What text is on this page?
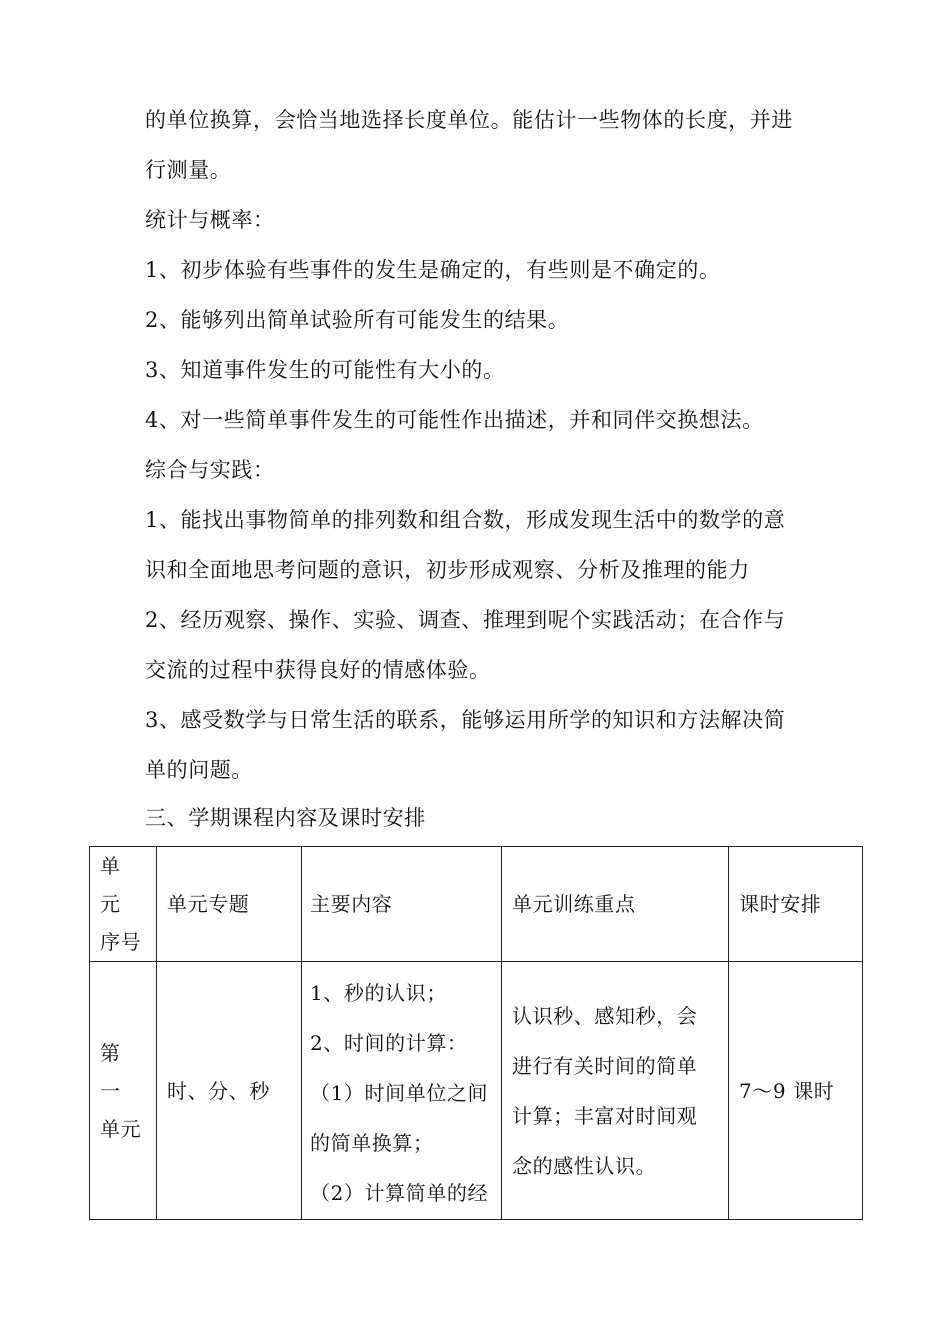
的单位换算，会恰当地选择长度单位。能估计一些物体的长度，并进
行测量。
统计与概率：
1、初步体验有些事件的发生是确定的，有些则是不确定的。
2、能够列出简单试验所有可能发生的结果。
3、知道事件发生的可能性有大小的。
4、对一些简单事件发生的可能性作出描述，并和同伴交换想法。
综合与实践：
1、能找出事物简单的排列数和组合数，形成发现生活中的数学的意
识和全面地思考问题的意识，初步形成观察、分析及推理的能力
2、经历观察、操作、实验、调查、推理到呢个实践活动；在合作与
交流的过程中获得良好的情感体验。
3、感受数学与日常生活的联系，能够运用所学的知识和方法解决简
单的问题。
三、学期课程内容及课时安排
单元
序号	单元专题	主要内容	单元训练重点	课时安排

第一
单元	时、分、秒	1、秒的认识；
2、时间的计算：
（1）时间单位之间
的简单换算；
（2）计算简单的经	认识秒、感知秒，会
进行有关时间的简单
计算；丰富对时间观
念的感性认识。	7～9 课时
